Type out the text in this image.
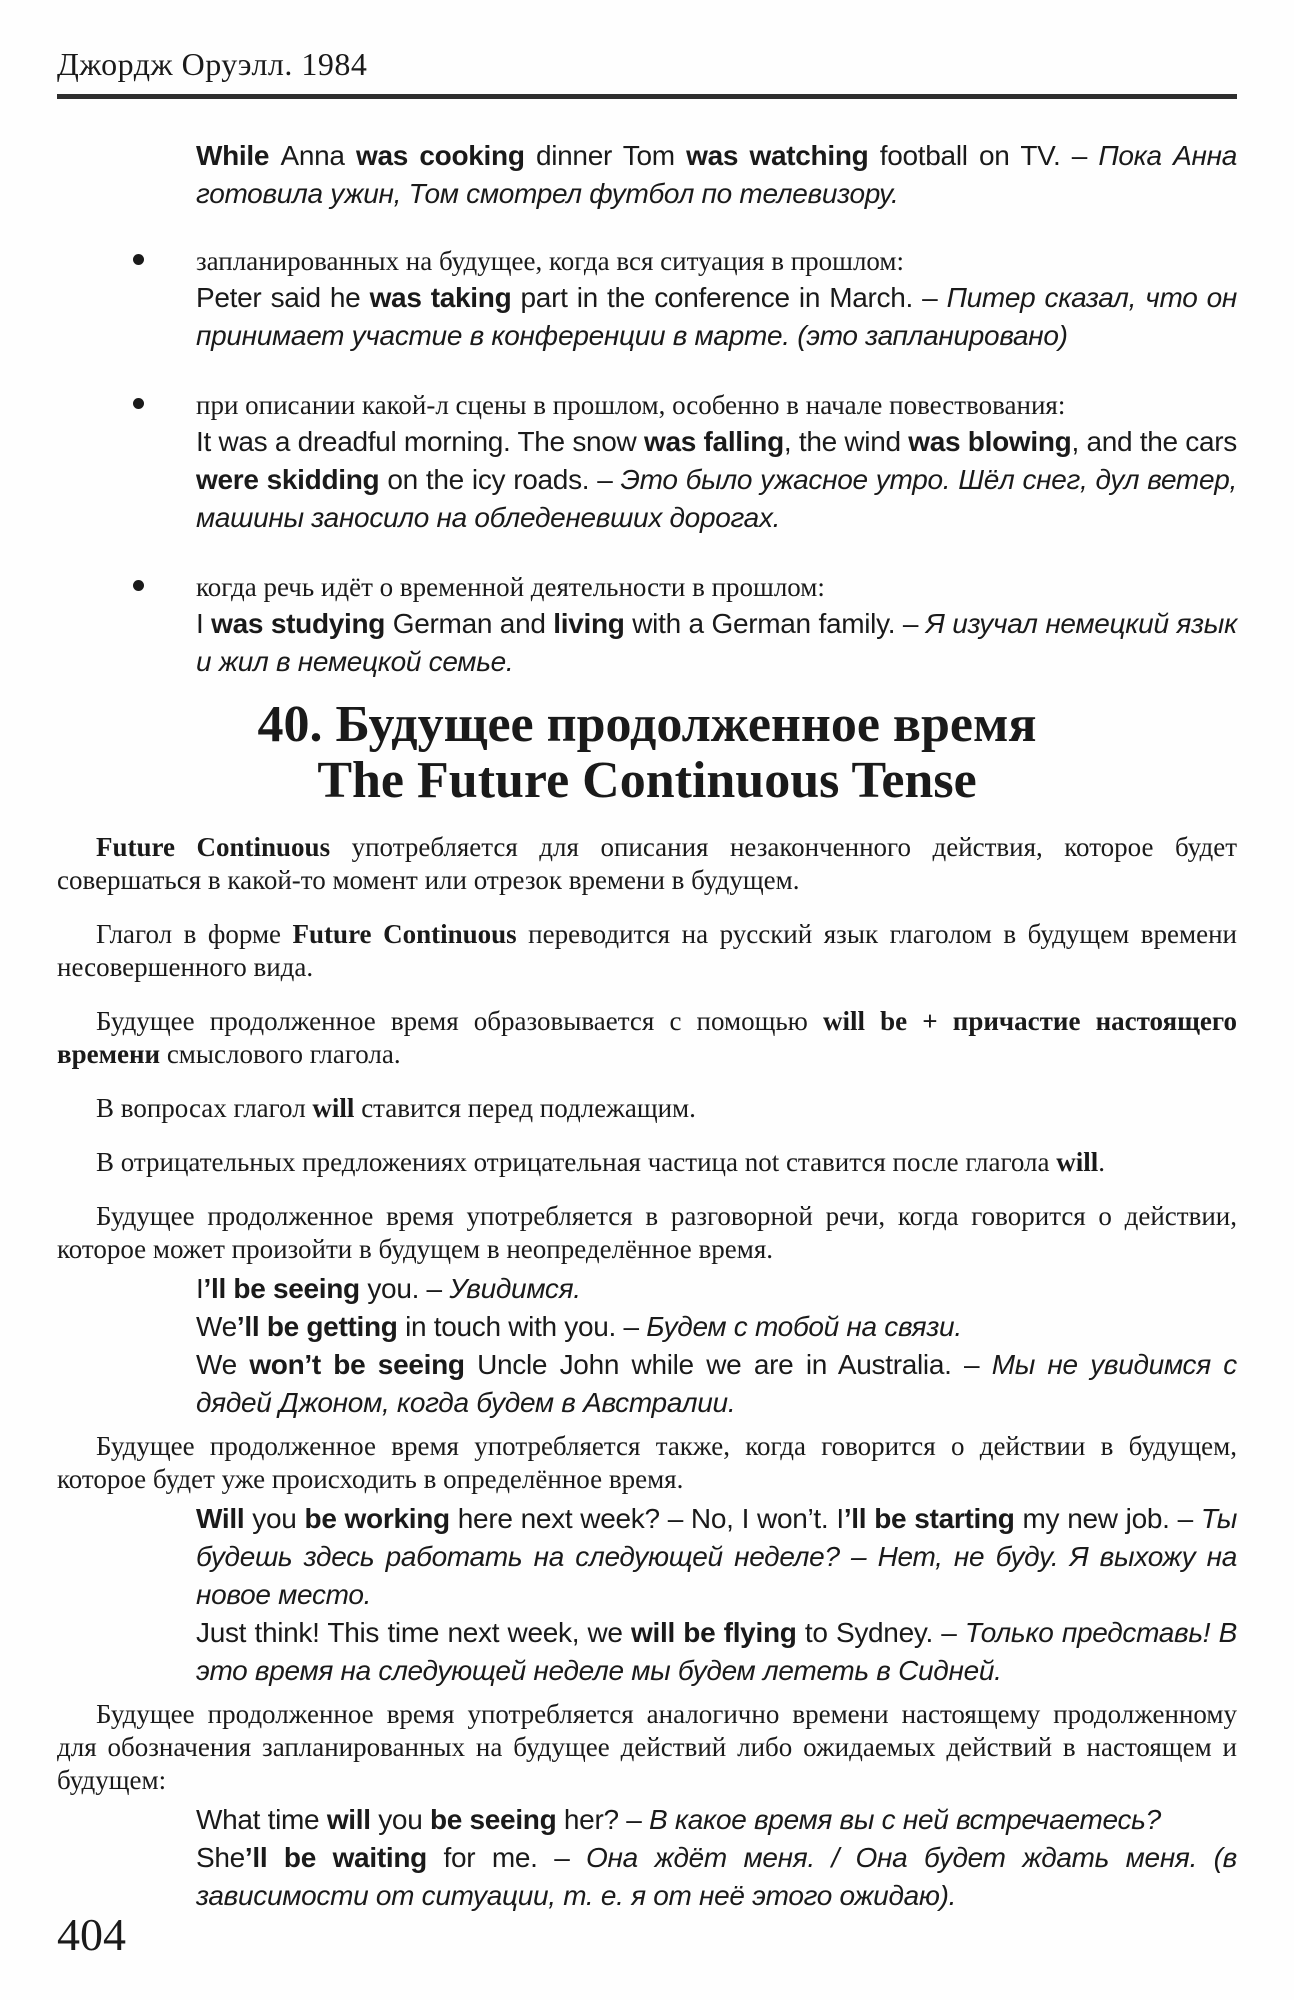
Джордж Оруэлл. 1984
While Anna was cooking dinner Tom was watching football on TV. – Пока Анна готовила ужин, Том смотрел футбол по телевизору.
запланированных на будущее, когда вся ситуация в прошлом:
Peter said he was taking part in the conference in March. – Питер сказал, что он принимает участие в конференции в марте. (это запланировано)
при описании какой-л сцены в прошлом, особенно в начале повествования:
It was a dreadful morning. The snow was falling, the wind was blowing, and the cars were skidding on the icy roads. – Это было ужасное утро. Шёл снег, дул ветер, машины заносило на обледеневших дорогах.
когда речь идёт о временной деятельности в прошлом:
I was studying German and living with a German family. – Я изучал немецкий язык и жил в немецкой семье.
40. Будущее продолженное время
The Future Continuous Tense

Future Continuous употребляется для описания незаконченного действия, которое будет совершаться в какой-то момент или отрезок времени в будущем.

Глагол в форме Future Continuous переводится на русский язык глаголом в будущем времени несовершенного вида.

Будущее продолженное время образовывается с помощью will be + причастие настоящего времени смыслового глагола.

В вопросах глагол will ставится перед подлежащим.

В отрицательных предложениях отрицательная частица not ставится после глагола will.

Будущее продолженное время употребляется в разговорной речи, когда говорится о действии, которое может произойти в будущем в неопределённое время.

I’ll be seeing you. – Увидимся.
We’ll be getting in touch with you. – Будем с тобой на связи.
We won’t be seeing Uncle John while we are in Australia. – Мы не увидимся с дядей Джоном, когда будем в Австралии.

Будущее продолженное время употребляется также, когда говорится о действии в будущем, которое будет уже происходить в определённое время.

Will you be working here next week? – No, I won’t. I’ll be starting my new job. – Ты будешь здесь работать на следующей неделе? – Нет, не буду. Я выхожу на новое место.
Just think! This time next week, we will be flying to Sydney. – Только представь! В это время на следующей неделе мы будем лететь в Сидней.

Будущее продолженное время употребляется аналогично времени настоящему продолженному для обозначения запланированных на будущее действий либо ожидаемых действий в настоящем и будущем:

What time will you be seeing her? – В какое время вы с ней встречаетесь?
She’ll be waiting for me. – Она ждёт меня. / Она будет ждать меня. (в зависимости от ситуации, т. е. я от неё этого ожидаю).
404
